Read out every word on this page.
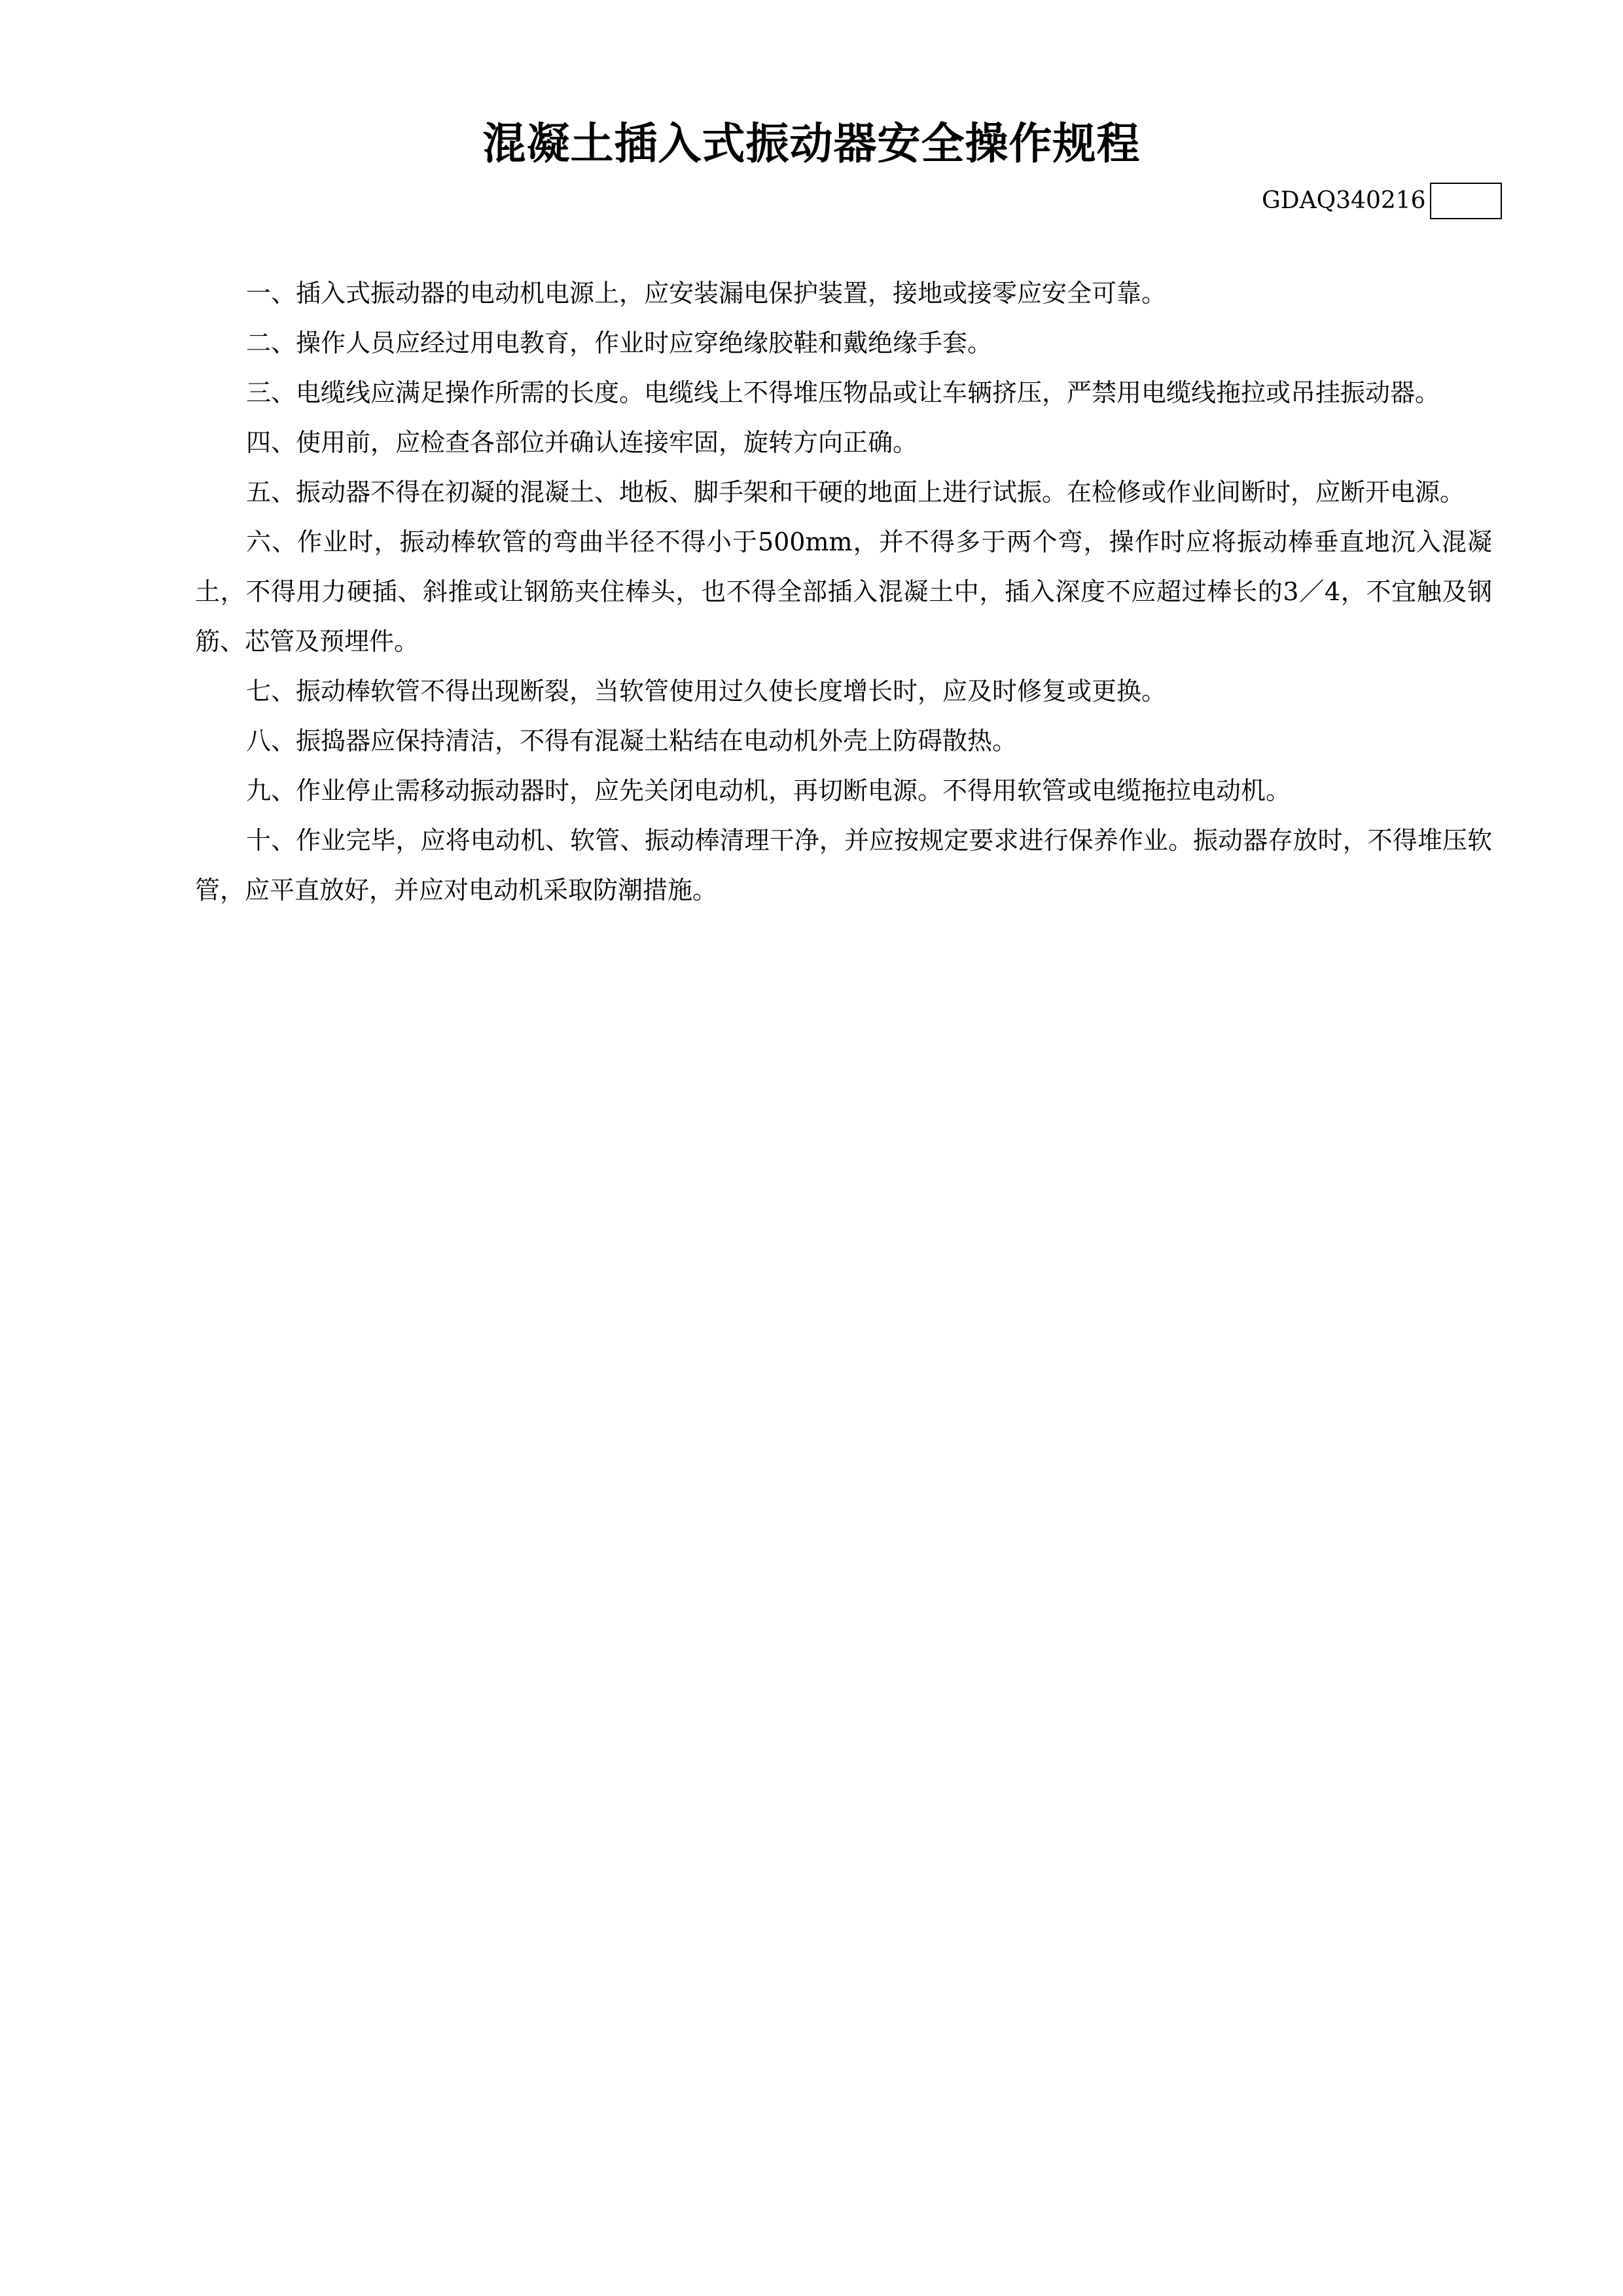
混凝土插入式振动器安全操作规程
GDAQ340216

一、插入式振动器的电动机电源上，应安装漏电保护装置，接地或接零应安全可靠。

二、操作人员应经过用电教育，作业时应穿绝缘胶鞋和戴绝缘手套。

三、电缆线应满足操作所需的长度。电缆线上不得堆压物品或让车辆挤压，严禁用电缆线拖拉或吊挂振动器。

四、使用前，应检查各部位并确认连接牢固，旋转方向正确。

五、振动器不得在初凝的混凝土、地板、脚手架和干硬的地面上进行试振。在检修或作业间断时，应断开电源。

六、作业时，振动棒软管的弯曲半径不得小于500mm，并不得多于两个弯，操作时应将振动棒垂直地沉入混凝土，不得用力硬插、斜推或让钢筋夹住棒头，也不得全部插入混凝土中，插入深度不应超过棒长的3／4，不宜触及钢筋、芯管及预埋件。

七、振动棒软管不得出现断裂，当软管使用过久使长度增长时，应及时修复或更换。

八、振捣器应保持清洁，不得有混凝土粘结在电动机外壳上防碍散热。

九、作业停止需移动振动器时，应先关闭电动机，再切断电源。不得用软管或电缆拖拉电动机。

十、作业完毕，应将电动机、软管、振动棒清理干净，并应按规定要求进行保养作业。振动器存放时，不得堆压软管，应平直放好，并应对电动机采取防潮措施。
